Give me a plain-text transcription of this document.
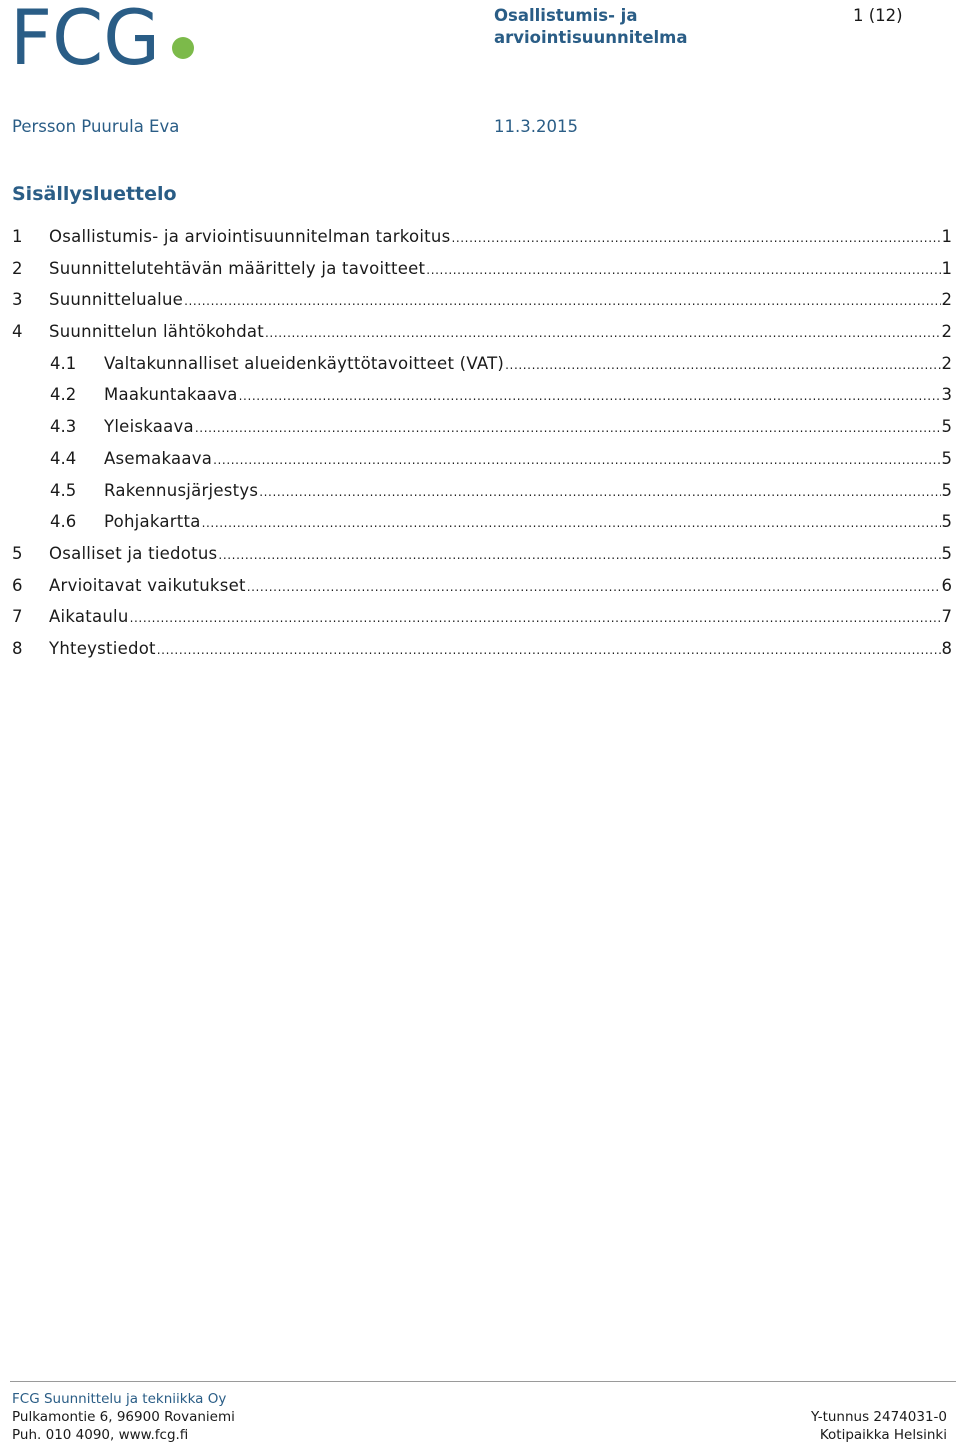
FCG	Osallistumis- ja arviointisuunnitelma
1 (12)
Persson Puurula Eva	11.3.2015
Sisällysluettelo
1	Osallistumis- ja arviointisuunnitelman tarkoitus .....	1
2	Suunnittelutehtävän määrittely ja tavoitteet .....	1
3	Suunnittelualue .....	2
4	Suunnittelun lähtökohdat .....	2
4.1	Valtakunnalliset alueidenkäyttötavoitteet (VAT) .....	2
4.2	Maakuntakaava .....	3
4.3	Yleiskaava .....	5
4.4	Asemakaava .....	5
4.5	Rakennusjärjestys .....	5
4.6	Pohjakartta .....	5
5	Osalliset ja tiedotus .....	5
6	Arvioitavat vaikutukset .....	6
7	Aikataulu .....	7
8	Yhteystiedot .....	8
FCG Suunnittelu ja tekniikka Oy
Pulkamontie 6, 96900 Rovaniemi	Y-tunnus 2474031-0
Puh. 010 4090, www.fcg.fi	Kotipaikka Helsinki
